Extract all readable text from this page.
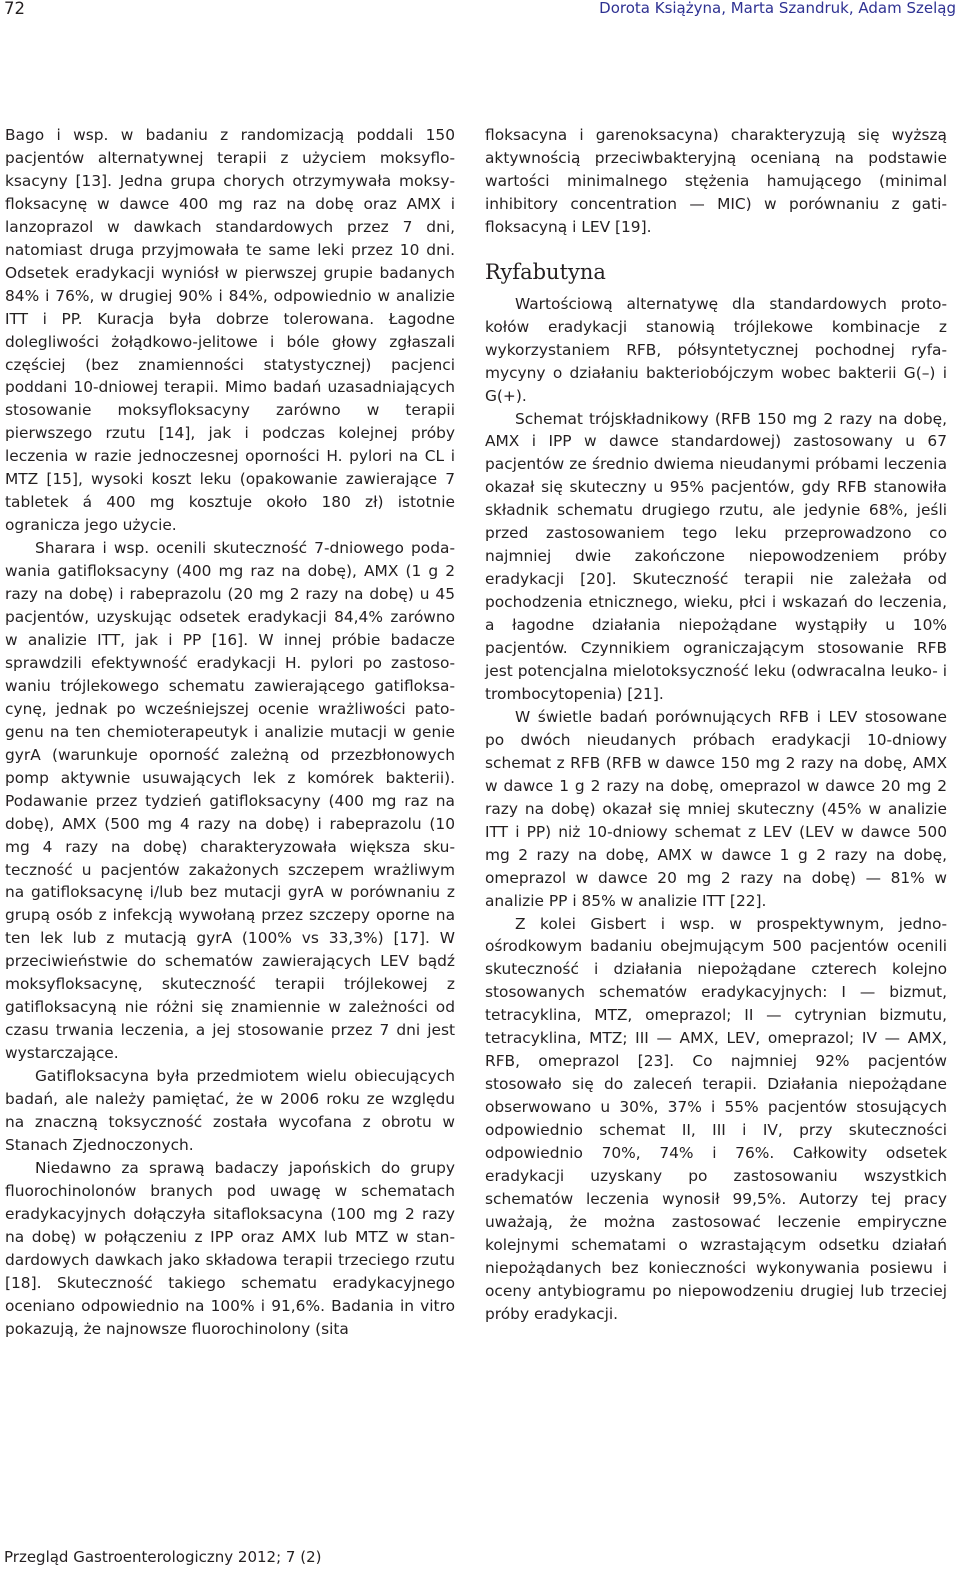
72	Dorota Książyna, Marta Szandruk, Adam Szeląg

Bago i wsp. w badaniu z randomizacją poddali 150 pacjentów alternatywnej terapii z użyciem moksyfloksacyny [13]. Jedna grupa chorych otrzymywała moksyfloksacynę w dawce 400 mg raz na dobę oraz AMX i lanzoprazol w dawkach standardowych przez 7 dni, natomiast druga przyjmowała te same leki przez 10 dni. Odsetek eradykacji wyniósł w pierwszej grupie badanych 84% i 76%, w drugiej 90% i 84%, odpowiednio w analizie ITT i PP. Kuracja była dobrze tolerowana. Łagodne dolegliwości żołądkowo-jelitowe i bóle głowy zgłaszali częściej (bez znamienności statystycznej) pacjenci poddani 10-dniowej terapii. Mimo badań uzasadniających stosowanie moksyfloksacyny zarówno w terapii pierwszego rzutu [14], jak i podczas kolejnej próby leczenia w razie jednoczesnej oporności H. pylori na CL i MTZ [15], wysoki koszt leku (opakowanie zawierające 7 tabletek á 400 mg kosztuje około 180 zł) istotnie ogranicza jego użycie.

Sharara i wsp. ocenili skuteczność 7-dniowego podawania gatifloksacyny (400 mg raz na dobę), AMX (1 g 2 razy na dobę) i rabeprazolu (20 mg 2 razy na dobę) u 45 pacjentów, uzyskując odsetek eradykacji 84,4% zarówno w analizie ITT, jak i PP [16]. W innej próbie badacze sprawdzili efektywność eradykacji H. pylori po zastosowaniu trójlekowego schematu zawierającego gatifloksacynę, jednak po wcześniejszej ocenie wrażliwości patogenu na ten chemioterapeutyk i analizie mutacji w genie gyrA (warunkuje oporność zależną od przezbłonowych pomp aktywnie usuwających lek z komórek bakterii). Podawanie przez tydzień gatifloksacyny (400 mg raz na dobę), AMX (500 mg 4 razy na dobę) i rabeprazolu (10 mg 4 razy na dobę) charakteryzowała większa skuteczność u pacjentów zakażonych szczepem wrażliwym na gatifloksacynę i/lub bez mutacji gyrA w porównaniu z grupą osób z infekcją wywołaną przez szczepy oporne na ten lek lub z mutacją gyrA (100% vs 33,3%) [17]. W przeciwieństwie do schematów zawierających LEV bądź moksyfloksacynę, skuteczność terapii trójlekowej z gatifloksacyną nie różni się znamiennie w zależności od czasu trwania leczenia, a jej stosowanie przez 7 dni jest wystarczające.

Gatifloksacyna była przedmiotem wielu obiecujących badań, ale należy pamiętać, że w 2006 roku ze względu na znaczną toksyczność została wycofana z obrotu w Stanach Zjednoczonych.

Niedawno za sprawą badaczy japońskich do grupy fluorochinolonów branych pod uwagę w schematach eradykacyjnych dołączyła sitafloksacyna (100 mg 2 razy na dobę) w połączeniu z IPP oraz AMX lub MTZ w standardowych dawkach jako składowa terapii trzeciego rzutu [18]. Skuteczność takiego schematu eradykacyjnego oceniano odpowiednio na 100% i 91,6%. Badania in vitro pokazują, że najnowsze fluorochinolony (sita

floksacyna i garenoksacyna) charakteryzują się wyższą aktywnością przeciwbakteryjną ocenianą na podstawie wartości minimalnego stężenia hamującego (minimal inhibitory concentration — MIC) w porównaniu z gatifloksacyną i LEV [19].

Ryfabutyna

Wartościową alternatywę dla standardowych protokołów eradykacji stanowią trójlekowe kombinacje z wykorzystaniem RFB, półsyntetycznej pochodnej ryfamycyny o działaniu bakteriobójczym wobec bakterii G(–) i G(+).

Schemat trójskładnikowy (RFB 150 mg 2 razy na dobę, AMX i IPP w dawce standardowej) zastosowany u 67 pacjentów ze średnio dwiema nieudanymi próbami leczenia okazał się skuteczny u 95% pacjentów, gdy RFB stanowiła składnik schematu drugiego rzutu, ale jedynie 68%, jeśli przed zastosowaniem tego leku przeprowadzono co najmniej dwie zakończone niepowodzeniem próby eradykacji [20]. Skuteczność terapii nie zależała od pochodzenia etnicznego, wieku, płci i wskazań do leczenia, a łagodne działania niepożądane wystąpiły u 10% pacjentów. Czynnikiem ograniczającym stosowanie RFB jest potencjalna mielotoksyczność leku (odwracalna leuko- i trombocytopenia) [21].

W świetle badań porównujących RFB i LEV stosowane po dwóch nieudanych próbach eradykacji 10-dniowy schemat z RFB (RFB w dawce 150 mg 2 razy na dobę, AMX w dawce 1 g 2 razy na dobę, omeprazol w dawce 20 mg 2 razy na dobę) okazał się mniej skuteczny (45% w analizie ITT i PP) niż 10-dniowy schemat z LEV (LEV w dawce 500 mg 2 razy na dobę, AMX w dawce 1 g 2 razy na dobę, omeprazol w dawce 20 mg 2 razy na dobę) — 81% w analizie PP i 85% w analizie ITT [22].

Z kolei Gisbert i wsp. w prospektywnym, jednoośrodkowym badaniu obejmującym 500 pacjentów ocenili skuteczność i działania niepożądane czterech kolejno stosowanych schematów eradykacyjnych: I — bizmut, tetracyklina, MTZ, omeprazol; II — cytrynian bizmutu, tetracyklina, MTZ; III — AMX, LEV, omeprazol; IV — AMX, RFB, omeprazol [23]. Co najmniej 92% pacjentów stosowało się do zaleceń terapii. Działania niepożądane obserwowano u 30%, 37% i 55% pacjentów stosujących odpowiednio schemat II, III i IV, przy skuteczności odpowiednio 70%, 74% i 76%. Całkowity odsetek eradykacji uzyskany po zastosowaniu wszystkich schematów leczenia wynosił 99,5%. Autorzy tej pracy uważają, że można zastosować leczenie empiryczne kolejnymi schematami o wzrastającym odsetku działań niepożądanych bez konieczności wykonywania posiewu i oceny antybiogramu po niepowodzeniu drugiej lub trzeciej próby eradykacji.

Przegląd Gastroenterologiczny 2012; 7 (2)
